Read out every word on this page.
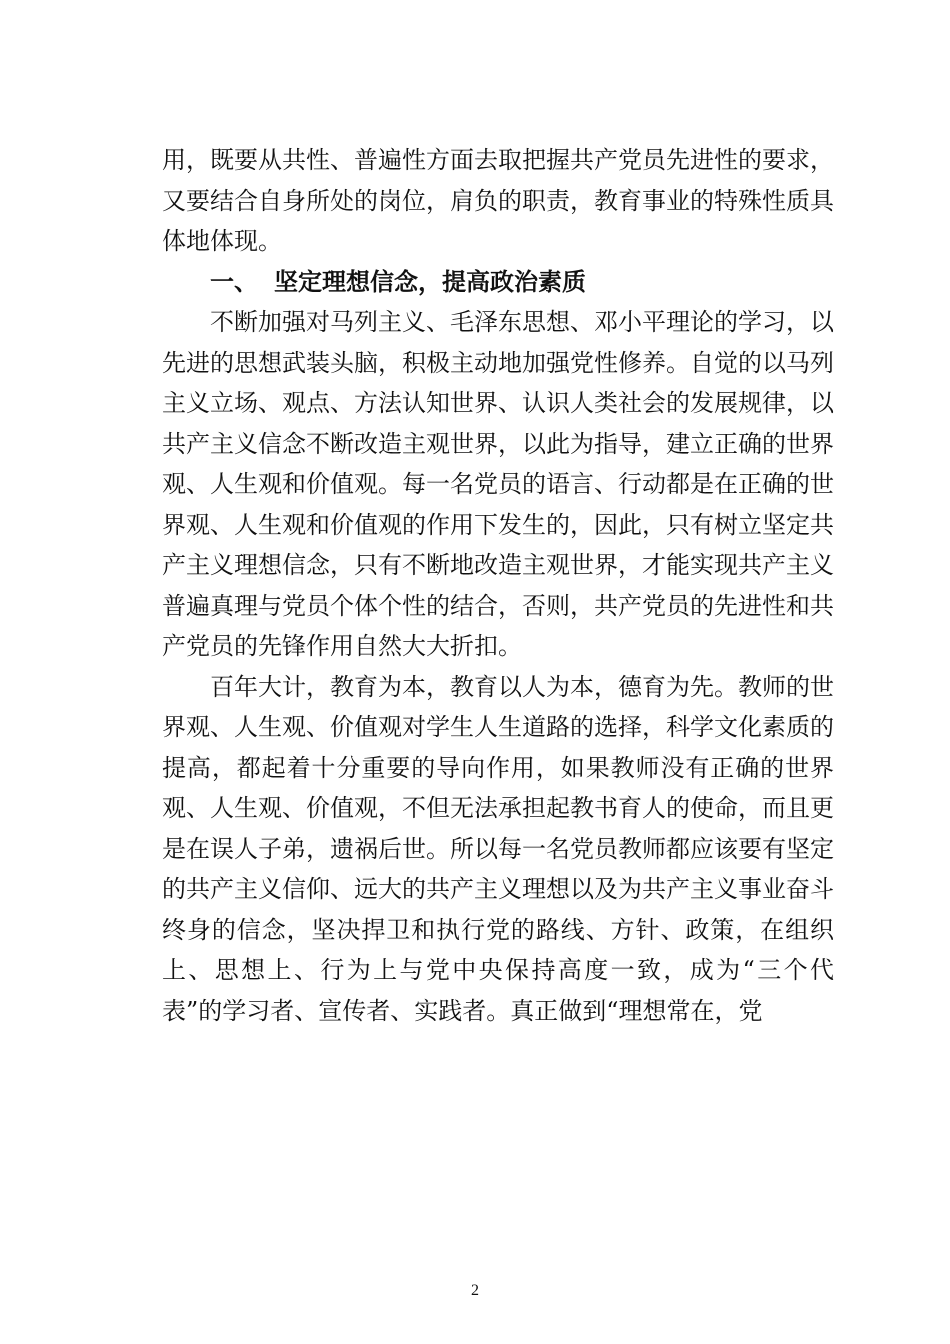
用，既要从共性、普遍性方面去取把握共产党员先进性的要求，又要结合自身所处的岗位，肩负的职责，教育事业的特殊性质具体地体现。

一、 坚定理想信念，提高政治素质

不断加强对马列主义、毛泽东思想、邓小平理论的学习，以先进的思想武装头脑，积极主动地加强党性修养。自觉的以马列主义立场、观点、方法认知世界、认识人类社会的发展规律，以共产主义信念不断改造主观世界，以此为指导，建立正确的世界观、人生观和价值观。每一名党员的语言、行动都是在正确的世界观、人生观和价值观的作用下发生的，因此，只有树立坚定共产主义理想信念，只有不断地改造主观世界，才能实现共产主义普遍真理与党员个体个性的结合，否则，共产党员的先进性和共产党员的先锋作用自然大大折扣。

百年大计，教育为本，教育以人为本，德育为先。教师的世界观、人生观、价值观对学生人生道路的选择，科学文化素质的提高，都起着十分重要的导向作用，如果教师没有正确的世界观、人生观、价值观，不但无法承担起教书育人的使命，而且更是在误人子弟，遗祸后世。所以每一名党员教师都应该要有坚定的共产主义信仰、远大的共产主义理想以及为共产主义事业奋斗终身的信念，坚决捍卫和执行党的路线、方针、政策，在组织上、思想上、行为上与党中央保持高度一致，成为“三个代表”的学习者、宣传者、实践者。真正做到“理想常在，党

2
